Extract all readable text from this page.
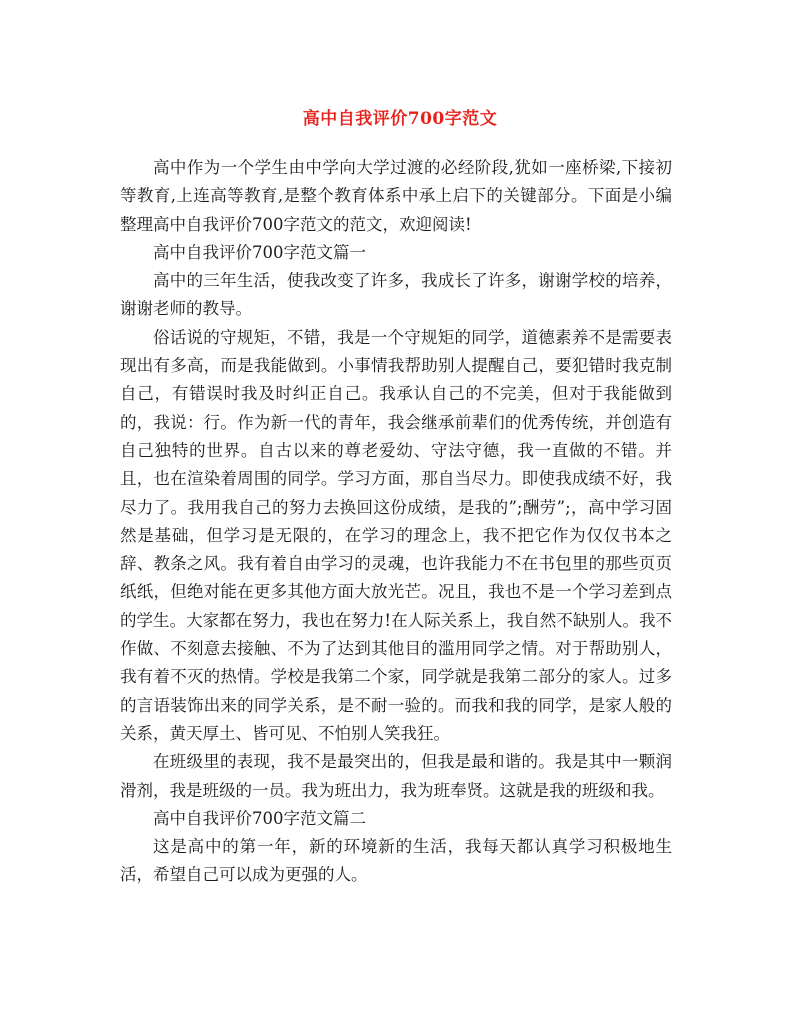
高中自我评价700字范文

高中作为一个学生由中学向大学过渡的必经阶段,犹如一座桥梁,下接初等教育,上连高等教育,是整个教育体系中承上启下的关键部分。下面是小编整理高中自我评价700字范文的范文，欢迎阅读!

高中自我评价700字范文篇一

高中的三年生活，使我改变了许多，我成长了许多，谢谢学校的培养，谢谢老师的教导。

俗话说的守规矩，不错，我是一个守规矩的同学，道德素养不是需要表现出有多高，而是我能做到。小事情我帮助别人提醒自己，要犯错时我克制自己，有错误时我及时纠正自己。我承认自己的不完美，但对于我能做到的，我说：行。作为新一代的青年，我会继承前辈们的优秀传统，并创造有自己独特的世界。自古以来的尊老爱幼、守法守德，我一直做的不错。并且，也在渲染着周围的同学。学习方面，那自当尽力。即使我成绩不好，我尽力了。我用我自己的努力去换回这份成绩，是我的”;酬劳”;，高中学习固然是基础，但学习是无限的，在学习的理念上，我不把它作为仅仅书本之辞、教条之风。我有着自由学习的灵魂，也许我能力不在书包里的那些页页纸纸，但绝对能在更多其他方面大放光芒。况且，我也不是一个学习差到点的学生。大家都在努力，我也在努力!在人际关系上，我自然不缺别人。我不作做、不刻意去接触、不为了达到其他目的滥用同学之情。对于帮助别人，我有着不灭的热情。学校是我第二个家，同学就是我第二部分的家人。过多的言语装饰出来的同学关系，是不耐一验的。而我和我的同学，是家人般的关系，黄天厚土、皆可见、不怕别人笑我狂。

在班级里的表现，我不是最突出的，但我是最和谐的。我是其中一颗润滑剂，我是班级的一员。我为班出力，我为班奉贤。这就是我的班级和我。

高中自我评价700字范文篇二

这是高中的第一年，新的环境新的生活，我每天都认真学习积极地生活，希望自己可以成为更强的人。
